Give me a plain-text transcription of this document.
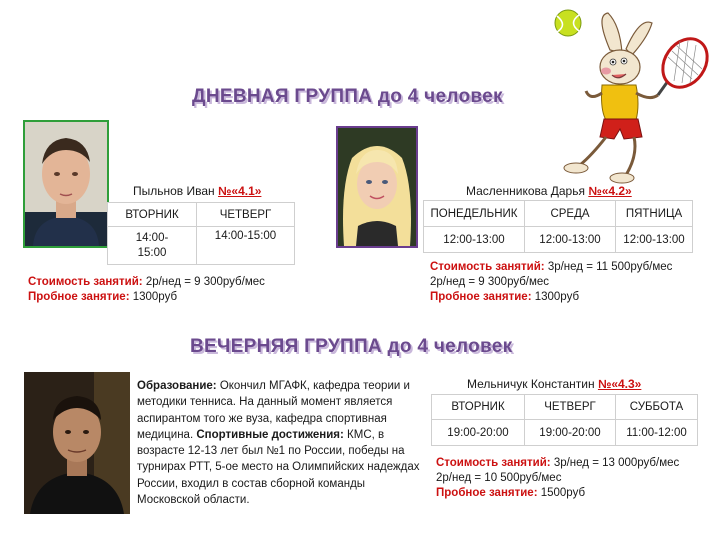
ДНЕВНАЯ ГРУППА до 4 человек
Пыльнов Иван №«4.1»
ВТОРНИК	ЧЕТВЕРГ
14:00-15:00	14:00-15:00
Стоимость занятий: 2р/нед = 9 300руб/мес
Пробное занятие: 1300руб
Масленникова Дарья №«4.2»
ПОНЕДЕЛЬНИК	СРЕДА	ПЯТНИЦА
12:00-13:00	12:00-13:00	12:00-13:00
Стоимость занятий: 3р/нед = 11 500руб/мес
2р/нед = 9 300руб/мес
Пробное занятие: 1300руб
ВЕЧЕРНЯЯ ГРУППА до 4 человек
Образование: Окончил МГАФК, кафедра теории и методики тенниса. На данный момент является аспирантом того же вуза, кафедра спортивная медицина. Спортивные достижения: КМС, в возрасте 12-13 лет был №1 по России, победы на турнирах РТТ, 5-ое место на Олимпийских надеждах России, входил в состав сборной команды Московской области.
Мельничук Константин №«4.3»
ВТОРНИК	ЧЕТВЕРГ	СУББОТА
19:00-20:00	19:00-20:00	11:00-12:00
Стоимость занятий: 3р/нед = 13 000руб/мес
2р/нед = 10 500руб/мес
Пробное занятие: 1500руб
